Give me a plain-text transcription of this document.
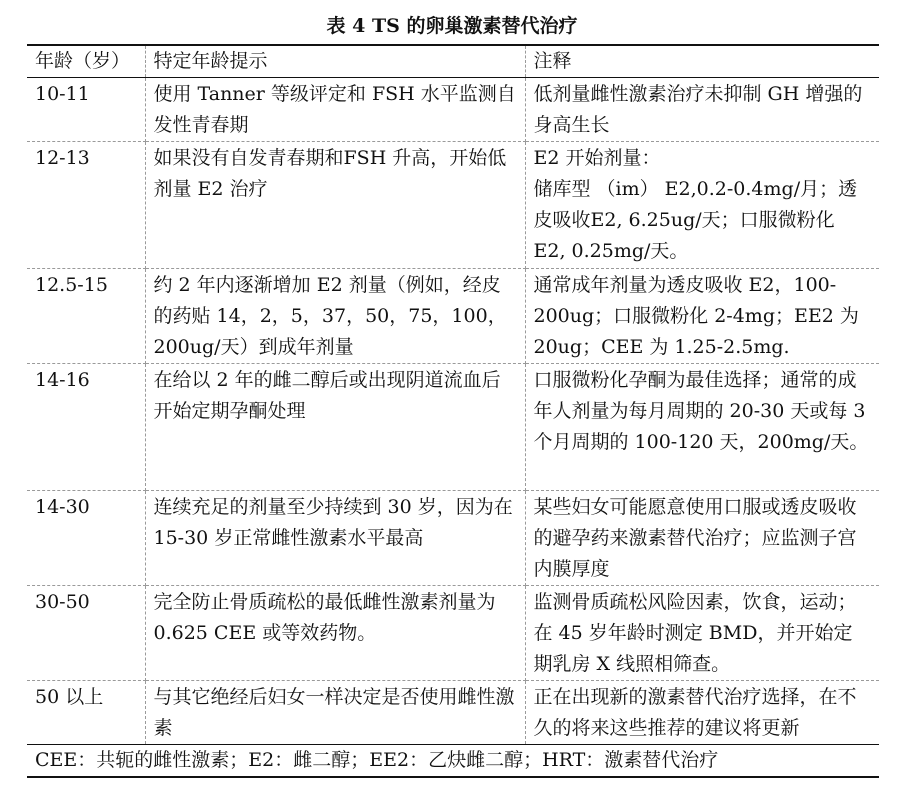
表 4 TS 的卵巢激素替代治疗
年龄（岁）	特定年龄提示	注释
10-11	使用 Tanner 等级评定和 FSH 水平监测自发性青春期	低剂量雌性激素治疗未抑制 GH 增强的身高生长
12-13	如果没有自发青春期和FSH 升高，开始低剂量 E2 治疗	E2 开始剂量：
储库型 （im） E2,0.2-0.4mg/月；透皮吸收E2, 6.25ug/天；口服微粉化 E2, 0.25mg/天。

12.5-15	约 2 年内逐渐增加 E2 剂量（例如，经皮的药贴 14，2，5，37，50，75，100，200ug/天）到成年剂量	通常成年剂量为透皮吸收 E2，100-200ug；口服微粉化 2-4mg；EE2 为 20ug；CEE 为 1.25-2.5mg.
14-16	在给以 2 年的雌二醇后或出现阴道流血后开始定期孕酮处理	口服微粉化孕酮为最佳选择；通常的成年人剂量为每月周期的 20-30 天或每 3 个月周期的 100-120 天，200mg/天。
14-30	连续充足的剂量至少持续到 30 岁，因为在 15-30 岁正常雌性激素水平最高	某些妇女可能愿意使用口服或透皮吸收的避孕药来激素替代治疗；应监测子宫内膜厚度
30-50	完全防止骨质疏松的最低雌性激素剂量为0.625 CEE 或等效药物。	监测骨质疏松风险因素，饮食，运动；在 45 岁年龄时测定 BMD，并开始定期乳房 X 线照相筛查。
50 以上	与其它绝经后妇女一样决定是否使用雌性激素	正在出现新的激素替代治疗选择，在不久的将来这些推荐的建议将更新
CEE：共轭的雌性激素；E2：雌二醇；EE2：乙炔雌二醇；HRT：激素替代治疗		
